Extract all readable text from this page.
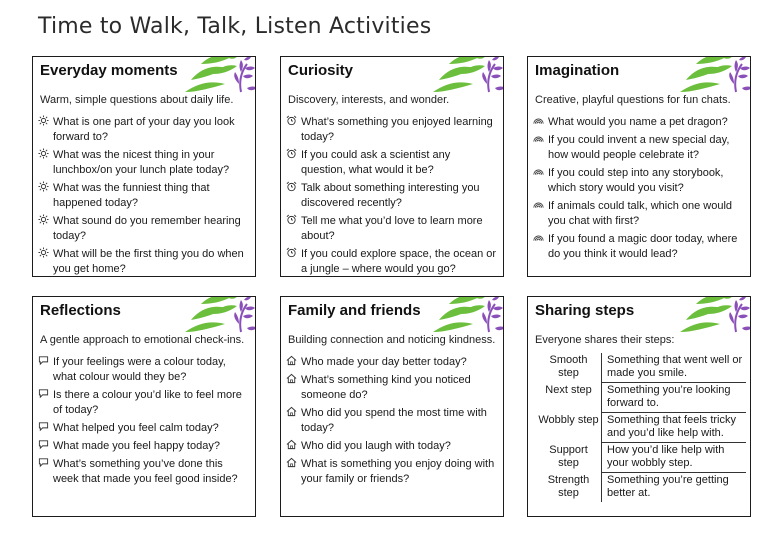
Time to Walk, Talk, Listen Activities
Everyday moments
Warm, simple questions about daily life.
What is one part of your day you look forward to?
What was the nicest thing in your lunchbox/on your lunch plate today?
What was the funniest thing that happened today?
What sound do you remember hearing today?
What will be the first thing you do when you get home?
Curiosity
Discovery, interests, and wonder.
What’s something you enjoyed learning today?
If you could ask a scientist any question, what would it be?
Talk about something interesting you discovered recently?
Tell me what you’d love to learn more about?
If you could explore space, the ocean or a jungle – where would you go?
Imagination
Creative, playful questions for fun chats.
What would you name a pet dragon?
If you could invent a new special day, how would people celebrate it?
If you could step into any storybook, which story would you visit?
If animals could talk, which one would you chat with first?
If you found a magic door today, where do you think it would lead?
Reflections
A gentle approach to emotional check-ins.
If your feelings were a colour today, what colour would they be?
Is there a colour you’d like to feel more of today?
What helped you feel calm today?
What made you feel happy today?
What’s something you’ve done this week that made you feel good inside?
Family and friends
Building connection and noticing kindness.
Who made your day better today?
What’s something kind you noticed someone do?
Who did you spend the most time with today?
Who did you laugh with today?
What is something you enjoy doing with your family or friends?
Sharing steps
Everyone shares their steps:
Smooth step	Something that went well or made you smile.
Next step	Something you’re looking forward to.
Wobbly step	Something that feels tricky and you’d like help with.
Support step	How you’d like help with your wobbly step.
Strength step	Something you’re getting better at.
